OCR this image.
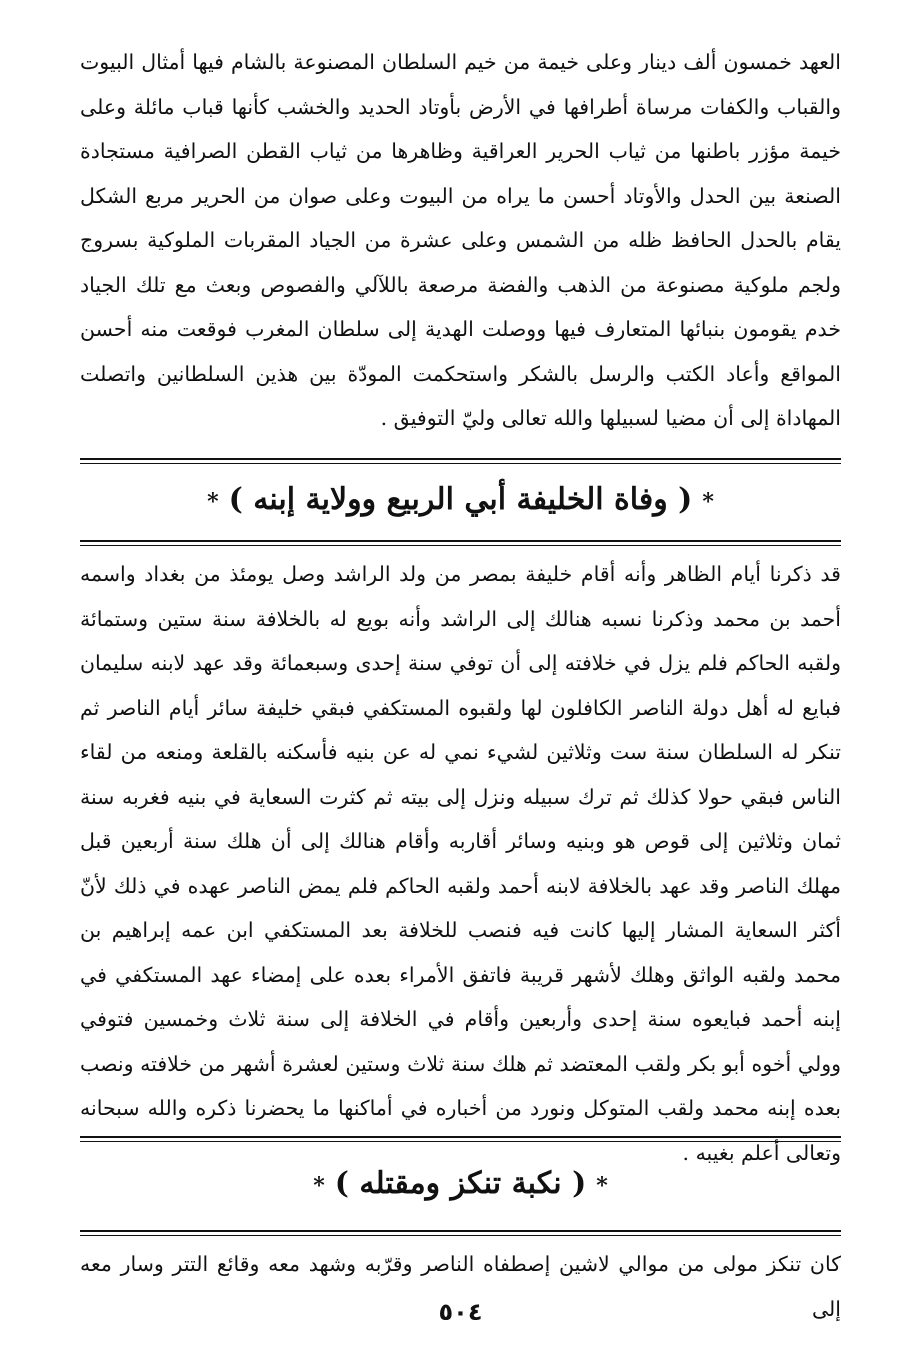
العهد خمسون ألف دينار وعلى خيمة من خيم السلطان المصنوعة بالشام فيها أمثال البيوت والقباب والكفات مرساة أطرافها في الأرض بأوتاد الحديد والخشب كأنها قباب مائلة وعلى خيمة مؤزر باطنها من ثياب الحرير العراقية وظاهرها من ثياب القطن الصرافية مستجادة الصنعة بين الحدل والأوتاد أحسن ما يراه من البيوت وعلى صوان من الحرير مربع الشكل يقام بالحدل الحافظ ظله من الشمس وعلى عشرة من الجياد المقربات الملوكية بسروج ولجم ملوكية مصنوعة من الذهب والفضة مرصعة باللآلي والفصوص وبعث مع تلك الجياد خدم يقومون بنبائها المتعارف فيها ووصلت الهدية إلى سلطان المغرب فوقعت منه أحسن المواقع وأعاد الكتب والرسل بالشكر واستحكمت المودّة بين هذين السلطانين واتصلت المهاداة إلى أن مضيا لسبيلها والله تعالى وليّ التوفيق .

*( وفاة الخليفة أبي الربيع وولاية إبنه )*

قد ذكرنا أيام الظاهر وأنه أقام خليفة بمصر من ولد الراشد وصل يومئذ من بغداد واسمه أحمد بن محمد وذكرنا نسبه هنالك إلى الراشد وأنه بويع له بالخلافة سنة ستين وستمائة ولقبه الحاكم فلم يزل في خلافته إلى أن توفي سنة إحدى وسبعمائة وقد عهد لابنه سليمان فبايع له أهل دولة الناصر الكافلون لها ولقبوه المستكفي فبقي خليفة سائر أيام الناصر ثم تنكر له السلطان سنة ست وثلاثين لشيء نمي له عن بنيه فأسكنه بالقلعة ومنعه من لقاء الناس فبقي حولا كذلك ثم ترك سبيله ونزل إلى بيته ثم كثرت السعاية في بنيه فغربه سنة ثمان وثلاثين إلى قوص هو وبنيه وسائر أقاربه وأقام هنالك إلى أن هلك سنة أربعين قبل مهلك الناصر وقد عهد بالخلافة لابنه أحمد ولقبه الحاكم فلم يمض الناصر عهده في ذلك لأنّ أكثر السعاية المشار إليها كانت فيه فنصب للخلافة بعد المستكفي ابن عمه إبراهيم بن محمد ولقبه الواثق وهلك لأشهر قريبة فاتفق الأمراء بعده على إمضاء عهد المستكفي في إبنه أحمد فبايعوه سنة إحدى وأربعين وأقام في الخلافة إلى سنة ثلاث وخمسين فتوفي وولي أخوه أبو بكر ولقب المعتضد ثم هلك سنة ثلاث وستين لعشرة أشهر من خلافته ونصب بعده إبنه محمد ولقب المتوكل ونورد من أخباره في أماكنها ما يحضرنا ذكره والله سبحانه وتعالى أعلم بغيبه .

*( نكبة تنكز ومقتله )*

كان تنكز مولى من موالي لاشين إصطفاه الناصر وقرّبه وشهد معه وقائع التتر وسار معه إلى

٥٠٤
